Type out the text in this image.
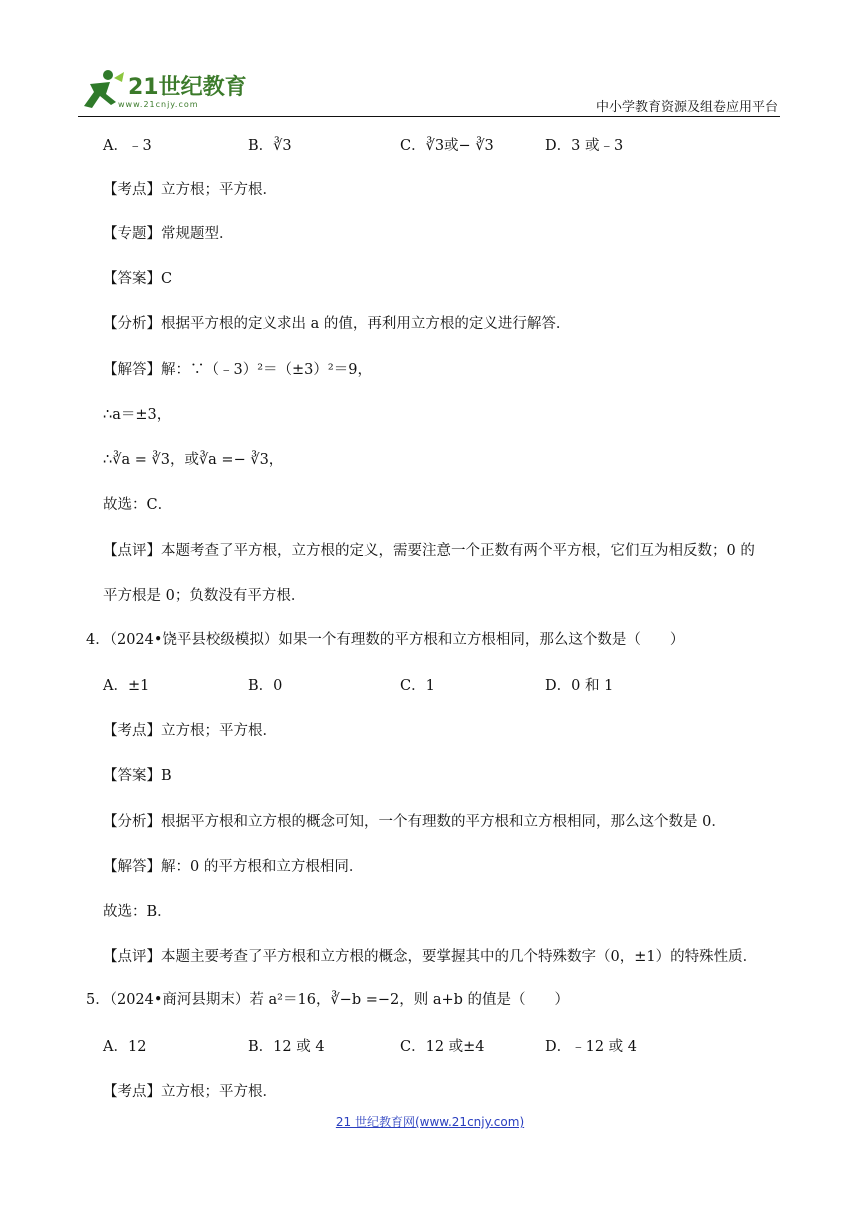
21世纪教育
www.21cnjy.com	中小学教育资源及组卷应用平台
A．﹣3	B．∛3	C．∛3或− ∛3	D．3 或﹣3
【考点】立方根；平方根．
【专题】常规题型．
【答案】C
【分析】根据平方根的定义求出 a 的值，再利用立方根的定义进行解答．
【解答】解：∵（﹣3）²＝（±3）²＝9，
∴a＝±3，
∴∛a = ∛3，或∛a =− ∛3，
故选：C．
【点评】本题考查了平方根，立方根的定义，需要注意一个正数有两个平方根，它们互为相反数；0 的
平方根是 0；负数没有平方根．
4．（2024•饶平县校级模拟）如果一个有理数的平方根和立方根相同，那么这个数是（　　）
A．±1	B．0	C．1	D．0 和 1
【考点】立方根；平方根．
【答案】B
【分析】根据平方根和立方根的概念可知，一个有理数的平方根和立方根相同，那么这个数是 0．
【解答】解：0 的平方根和立方根相同．
故选：B．
【点评】本题主要考查了平方根和立方根的概念，要掌握其中的几个特殊数字（0，±1）的特殊性质．
5．（2024•商河县期末）若 a²＝16，∛−b =−2，则 a+b 的值是（　　）
A．12	B．12 或 4	C．12 或±4	D．﹣12 或 4
【考点】立方根；平方根．
21 世纪教育网(www.21cnjy.com)
